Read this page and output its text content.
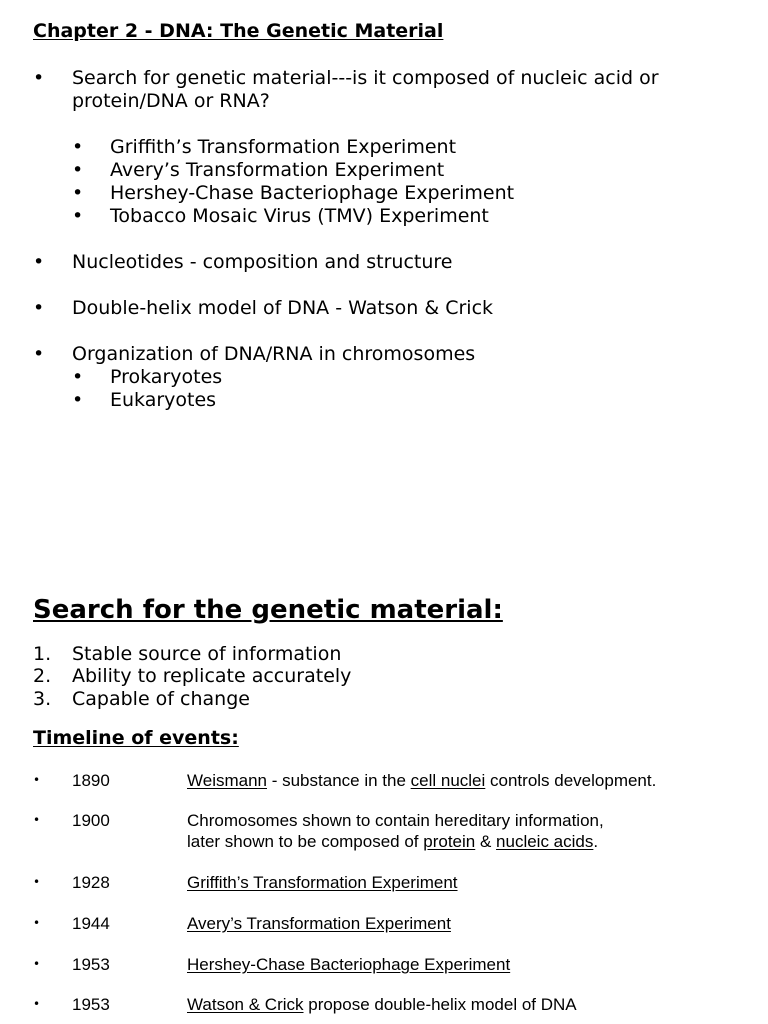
Chapter 2 - DNA: The Genetic Material
• Search for genetic material---is it composed of nucleic acid or
protein/DNA or RNA?
• Griffith’s Transformation Experiment
• Avery’s Transformation Experiment
• Hershey-Chase Bacteriophage Experiment
• Tobacco Mosaic Virus (TMV) Experiment
• Nucleotides - composition and structure
• Double-helix model of DNA - Watson & Crick
• Organization of DNA/RNA in chromosomes
• Prokaryotes
• Eukaryotes
Search for the genetic material:
1. Stable source of information
2. Ability to replicate accurately
3. Capable of change
Timeline of events:
• 1890	Weismann - substance in the cell nuclei controls development.
• 1900	Chromosomes shown to contain hereditary information,
later shown to be composed of protein & nucleic acids.
• 1928	Griffith’s Transformation Experiment
• 1944	Avery’s Transformation Experiment
• 1953	Hershey-Chase Bacteriophage Experiment
• 1953	Watson & Crick propose double-helix model of DNA
